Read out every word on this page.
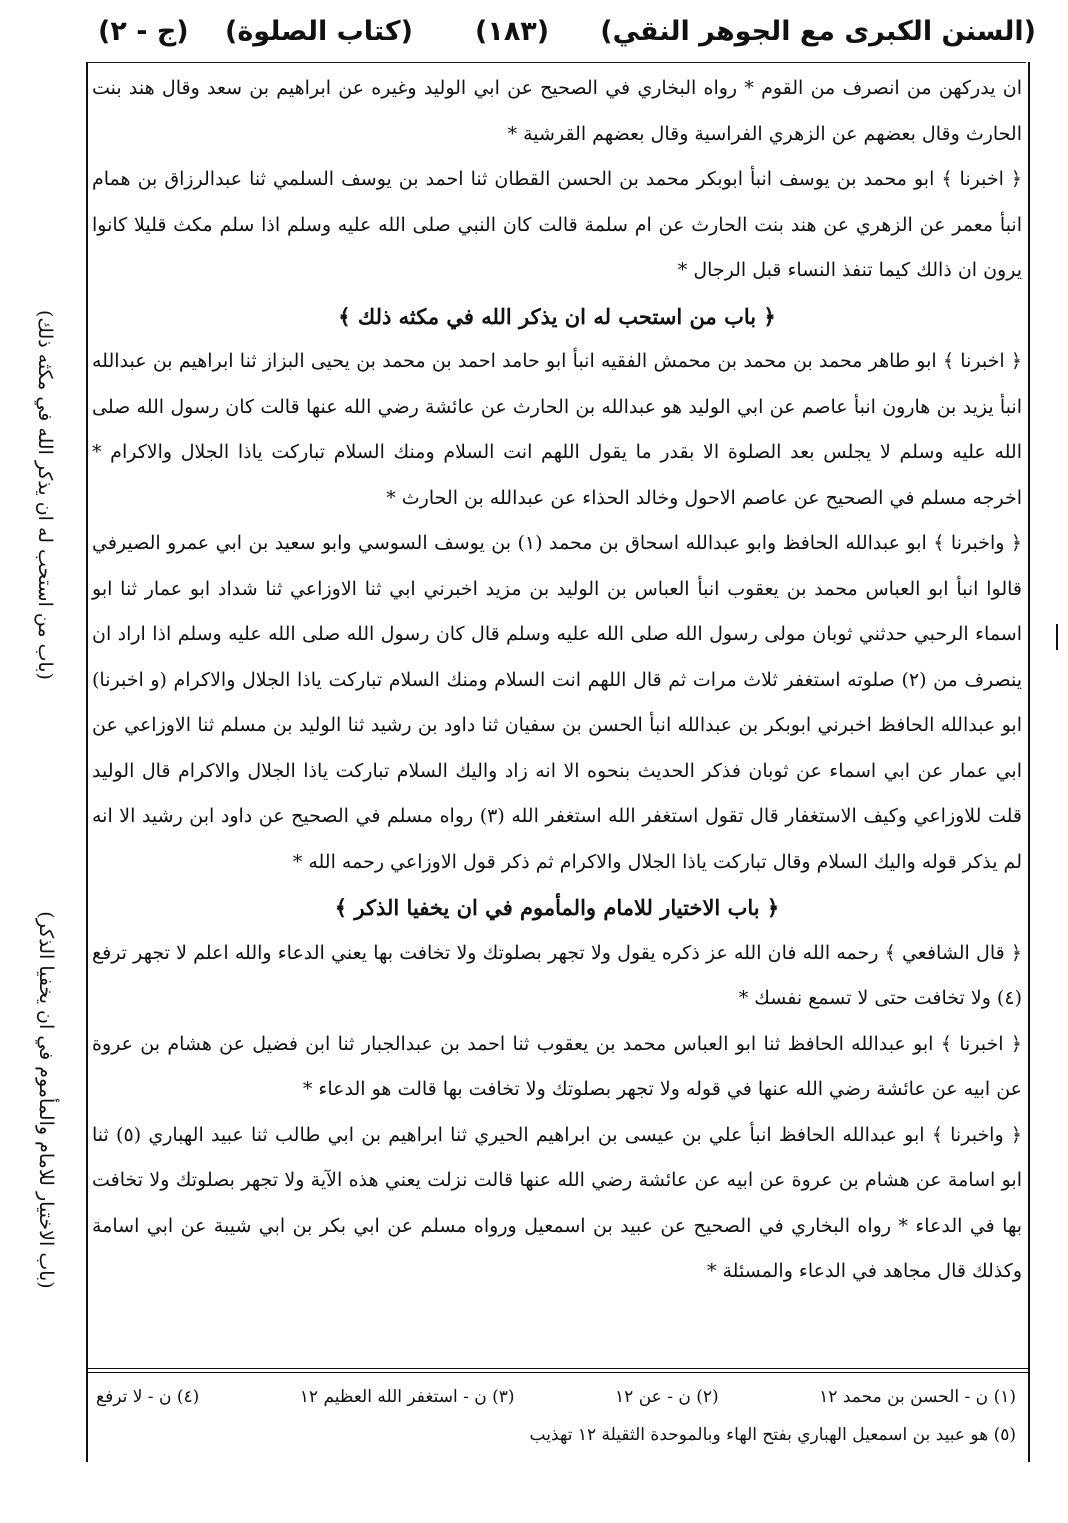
(السنن الكبرى مع الجوهر النقي)
(١٨٣)
(كتاب الصلوة)
(ج - ٢)

ان يدركهن من انصرف من القوم * رواه البخاري في الصحيح عن ابي الوليد وغيره عن ابراهيم بن سعد وقال هند بنت الحارث وقال بعضهم عن الزهري الفراسية وقال بعضهم القرشية *

﴿ اخبرنا ﴾ ابو محمد بن يوسف انبأ ابوبكر محمد بن الحسن القطان ثنا احمد بن يوسف السلمي ثنا عبدالرزاق بن همام انبأ معمر عن الزهري عن هند بنت الحارث عن ام سلمة قالت كان النبي صلى الله عليه وسلم اذا سلم مكث قليلا كانوا يرون ان ذالك كيما تنفذ النساء قبل الرجال *

﴿ باب من استحب له ان يذكر الله في مكثه ذلك ﴾

﴿ اخبرنا ﴾ ابو طاهر محمد بن محمد بن محمش الفقيه انبأ ابو حامد احمد بن محمد بن يحيى البزاز ثنا ابراهيم بن عبدالله انبأ يزيد بن هارون انبأ عاصم عن ابي الوليد هو عبدالله بن الحارث عن عائشة رضي الله عنها قالت كان رسول الله صلى الله عليه وسلم لا يجلس بعد الصلوة الا بقدر ما يقول اللهم انت السلام ومنك السلام تباركت ياذا الجلال والاكرام * اخرجه مسلم في الصحيح عن عاصم الاحول وخالد الحذاء عن عبدالله بن الحارث *

﴿ واخبرنا ﴾ ابو عبدالله الحافظ وابو عبدالله اسحاق بن محمد (١) بن يوسف السوسي وابو سعيد بن ابي عمرو الصيرفي قالوا انبأ ابو العباس محمد بن يعقوب انبأ العباس بن الوليد بن مزيد اخبرني ابي ثنا الاوزاعي ثنا شداد ابو عمار ثنا ابو اسماء الرحبي حدثني ثوبان مولى رسول الله صلى الله عليه وسلم قال كان رسول الله صلى الله عليه وسلم اذا اراد ان ينصرف من (٢) صلوته استغفر ثلاث مرات ثم قال اللهم انت السلام ومنك السلام تباركت ياذا الجلال والاكرام (و اخبرنا) ابو عبدالله الحافظ اخبرني ابوبكر بن عبدالله انبأ الحسن بن سفيان ثنا داود بن رشيد ثنا الوليد بن مسلم ثنا الاوزاعي عن ابي عمار عن ابي اسماء عن ثوبان فذكر الحديث بنحوه الا انه زاد واليك السلام تباركت ياذا الجلال والاكرام قال الوليد قلت للاوزاعي وكيف الاستغفار قال تقول استغفر الله استغفر الله (٣) رواه مسلم في الصحيح عن داود ابن رشيد الا انه لم يذكر قوله واليك السلام وقال تباركت ياذا الجلال والاكرام ثم ذكر قول الاوزاعي رحمه الله *

﴿ باب الاختيار للامام والمأموم في ان يخفيا الذكر ﴾

﴿ قال الشافعي ﴾ رحمه الله فان الله عز ذكره يقول ولا تجهر بصلوتك ولا تخافت بها يعني الدعاء والله اعلم لا تجهر ترفع (٤) ولا تخافت حتى لا تسمع نفسك *

﴿ اخبرنا ﴾ ابو عبدالله الحافظ ثنا ابو العباس محمد بن يعقوب ثنا احمد بن عبدالجبار ثنا ابن فضيل عن هشام بن عروة عن ابيه عن عائشة رضي الله عنها في قوله ولا تجهر بصلوتك ولا تخافت بها قالت هو الدعاء *

﴿ واخبرنا ﴾ ابو عبدالله الحافظ انبأ علي بن عيسى بن ابراهيم الحيري ثنا ابراهيم بن ابي طالب ثنا عبيد الهباري (٥) ثنا ابو اسامة عن هشام بن عروة عن ابيه عن عائشة رضي الله عنها قالت نزلت يعني هذه الآية ولا تجهر بصلوتك ولا تخافت بها في الدعاء * رواه البخاري في الصحيح عن عبيد بن اسمعيل ورواه مسلم عن ابي بكر بن ابي شيبة عن ابي اسامة وكذلك قال مجاهد في الدعاء والمسئلة *

(١) ن - الحسن بن محمد ١٢
(٢) ن - عن ١٢
(٣) ن - استغفر الله العظيم ١٢
(٤) ن - لا ترفع
(٥) هو عبيد بن اسمعيل الهباري بفتح الهاء وبالموحدة الثقيلة ١٢ تهذيب
(باب من استحب له ان يذكر الله في مكثه ذلك)
(باب الاختيار للامام والمأموم في ان يخفيا الذكر)
